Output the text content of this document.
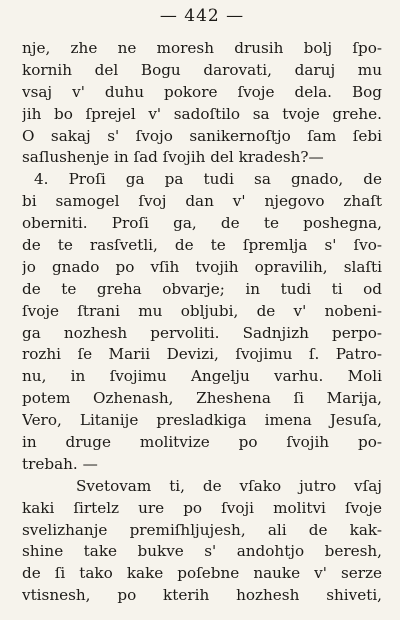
— 442 —
nje, zhe ne moresh drusih bolj ſpo-
kornih del Bogu darovati, daruj mu
vsaj v' duhu pokore ſvoje dela. Bog
jih bo ſprejel v' sadoſtilo sa tvoje grehe.
O sakaj s' ſvojo sanikernoſtjo ſam ſebi
saſlushenje in ſad ſvojih del kradesh?—
4. Proſi ga pa tudi sa gnado, de
bi samogel ſvoj dan v' njegovo zhaſt
oberniti. Proſi ga, de te poshegna,
de te rasſvetli, de te ſpremlja s' ſvo-
jo gnado po vſih tvojih opravilih, slaſti
de te greha obvarje; in tudi ti od
ſvoje ſtrani mu obljubi, de v' nobeni-
ga nozhesh pervoliti. Sadnjizh perpo-
rozhi ſe Marii Devizi, ſvojimu ſ. Patro-
nu, in ſvojimu Angelju varhu. Moli
potem Ozhenash, Zheshena ſi Marija,
Vero, Litanije presladkiga imena Jesuſa,
in druge molitvize po ſvojih po-
trebah. —
Svetovam ti, de vſako jutro vſaj
kaki ſirtelz ure po ſvoji molitvi ſvoje
svelizhanje premiſhljujesh, ali de kak-
shine take bukve s' andohtjo beresh,
de ſi tako kake poſebne nauke v' serze
vtisnesh, po kterih hozhesh shiveti,
